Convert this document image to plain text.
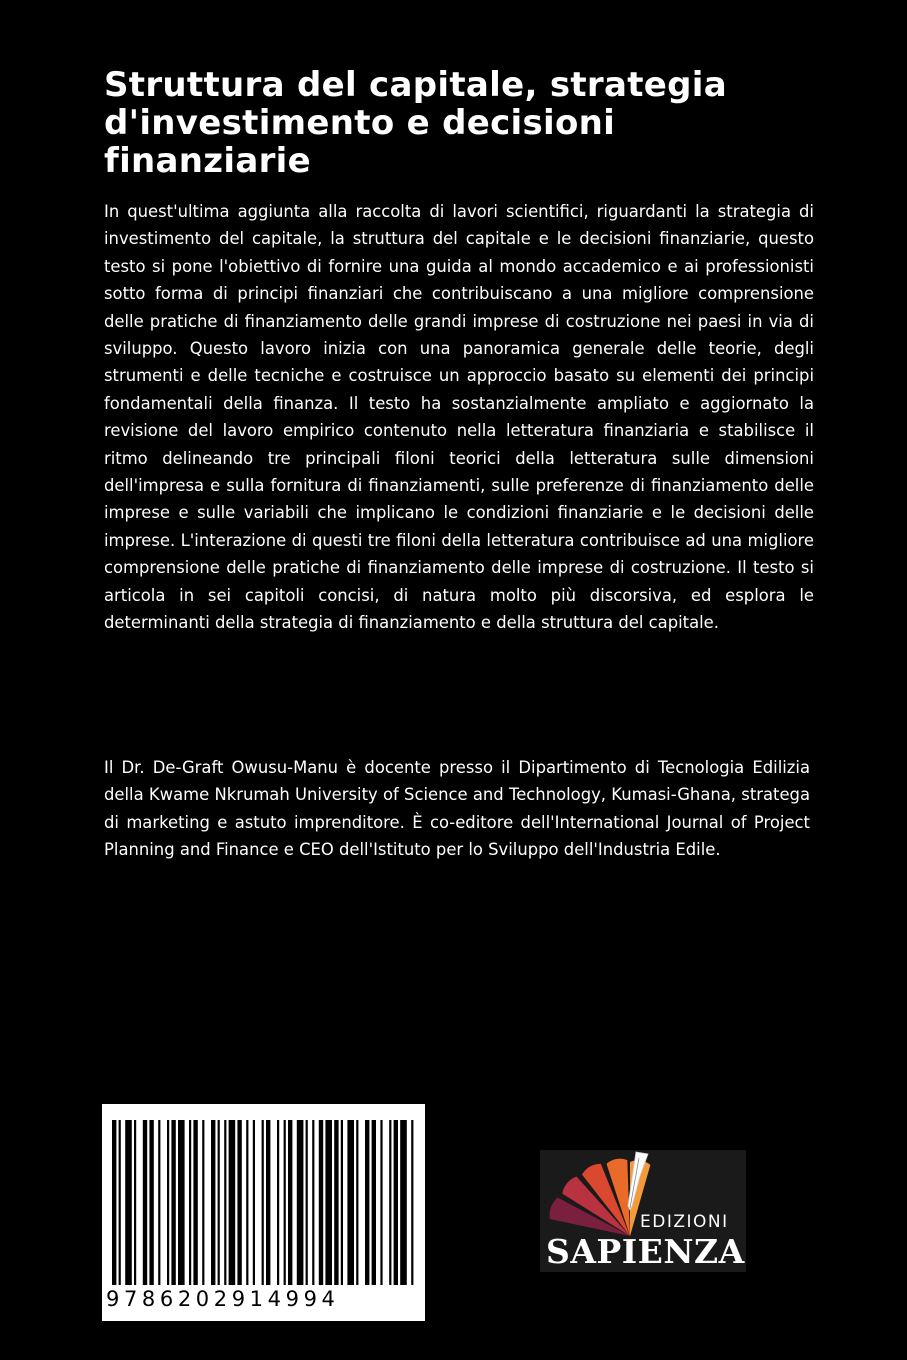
Struttura del capitale, strategia d'investimento e decisioni finanziarie

In quest'ultima aggiunta alla raccolta di lavori scientifici, riguardanti la strategia di investimento del capitale, la struttura del capitale e le decisioni finanziarie, questo testo si pone l'obiettivo di fornire una guida al mondo accademico e ai professionisti sotto forma di principi finanziari che contribuiscano a una migliore comprensione delle pratiche di finanziamento delle grandi imprese di costruzione nei paesi in via di sviluppo. Questo lavoro inizia con una panoramica generale delle teorie, degli strumenti e delle tecniche e costruisce un approccio basato su elementi dei principi fondamentali della finanza. Il testo ha sostanzialmente ampliato e aggiornato la revisione del lavoro empirico contenuto nella letteratura finanziaria e stabilisce il ritmo delineando tre principali filoni teorici della letteratura sulle dimensioni dell'impresa e sulla fornitura di finanziamenti, sulle preferenze di finanziamento delle imprese e sulle variabili che implicano le condizioni finanziarie e le decisioni delle imprese. L'interazione di questi tre filoni della letteratura contribuisce ad una migliore comprensione delle pratiche di finanziamento delle imprese di costruzione. Il testo si articola in sei capitoli concisi, di natura molto più discorsiva, ed esplora le determinanti della strategia di finanziamento e della struttura del capitale.

Il Dr. De-Graft Owusu-Manu è docente presso il Dipartimento di Tecnologia Edilizia della Kwame Nkrumah University of Science and Technology, Kumasi-Ghana, stratega di marketing e astuto imprenditore. È co-editore dell'International Journal of Project Planning and Finance e CEO dell'Istituto per lo Sviluppo dell'Industria Edile.

9786202914994
EDIZIONI
SAPIENZA
